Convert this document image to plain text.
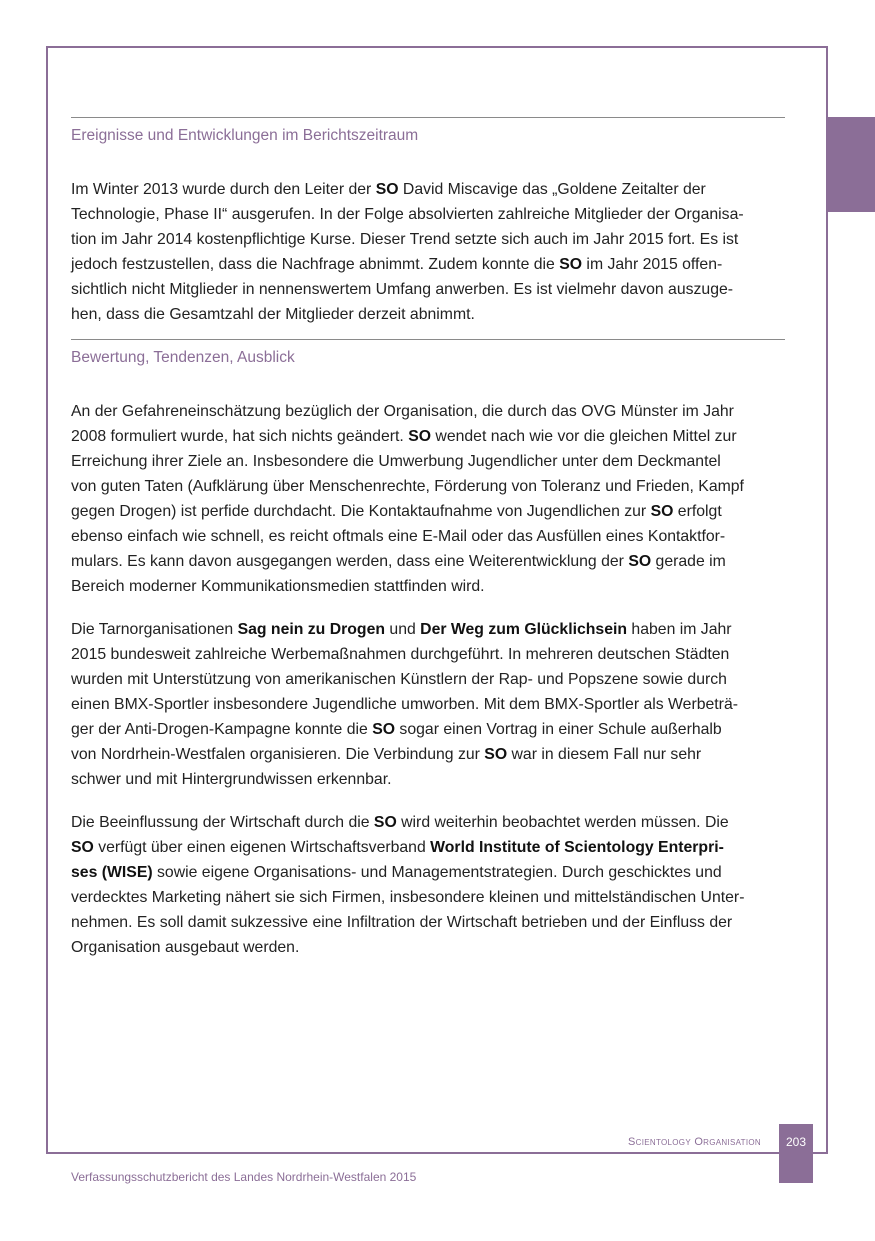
Ereignisse und Entwicklungen im Berichtszeitraum
Im Winter 2013 wurde durch den Leiter der SO David Miscavige das „Goldene Zeitalter der
Technologie, Phase II“ ausgerufen. In der Folge absolvierten zahlreiche Mitglieder der Organisa-
tion im Jahr 2014 kostenpflichtige Kurse. Dieser Trend setzte sich auch im Jahr 2015 fort. Es ist
jedoch festzustellen, dass die Nachfrage abnimmt. Zudem konnte die SO im Jahr 2015 offen-
sichtlich nicht Mitglieder in nennenswertem Umfang anwerben. Es ist vielmehr davon auszuge-
hen, dass die Gesamtzahl der Mitglieder derzeit abnimmt.
Bewertung, Tendenzen, Ausblick
An der Gefahreneinschätzung bezüglich der Organisation, die durch das OVG Münster im Jahr
2008 formuliert wurde, hat sich nichts geändert. SO wendet nach wie vor die gleichen Mittel zur
Erreichung ihrer Ziele an. Insbesondere die Umwerbung Jugendlicher unter dem Deckmantel
von guten Taten (Aufklärung über Menschenrechte, Förderung von Toleranz und Frieden, Kampf
gegen Drogen) ist perfide durchdacht. Die Kontaktaufnahme von Jugendlichen zur SO erfolgt
ebenso einfach wie schnell, es reicht oftmals eine E-Mail oder das Ausfüllen eines Kontaktfor-
mulars. Es kann davon ausgegangen werden, dass eine Weiterentwicklung der SO gerade im
Bereich moderner Kommunikationsmedien stattfinden wird.
Die Tarnorganisationen Sag nein zu Drogen und Der Weg zum Glücklichsein haben im Jahr
2015 bundesweit zahlreiche Werbemaßnahmen durchgeführt. In mehreren deutschen Städten
wurden mit Unterstützung von amerikanischen Künstlern der Rap- und Popszene sowie durch
einen BMX-Sportler insbesondere Jugendliche umworben. Mit dem BMX-Sportler als Werbeträ-
ger der Anti-Drogen-Kampagne konnte die SO sogar einen Vortrag in einer Schule außerhalb
von Nordrhein-Westfalen organisieren. Die Verbindung zur SO war in diesem Fall nur sehr
schwer und mit Hintergrundwissen erkennbar.
Die Beeinflussung der Wirtschaft durch die SO wird weiterhin beobachtet werden müssen. Die
SO verfügt über einen eigenen Wirtschaftsverband World Institute of Scientology Enterpri-
ses (WISE) sowie eigene Organisations- und Managementstrategien. Durch geschicktes und
verdecktes Marketing nähert sie sich Firmen, insbesondere kleinen und mittelständischen Unter-
nehmen. Es soll damit sukzessive eine Infiltration der Wirtschaft betrieben und der Einfluss der
Organisation ausgebaut werden.
Scientology Organisation	203
Verfassungsschutzbericht des Landes Nordrhein-Westfalen 2015
